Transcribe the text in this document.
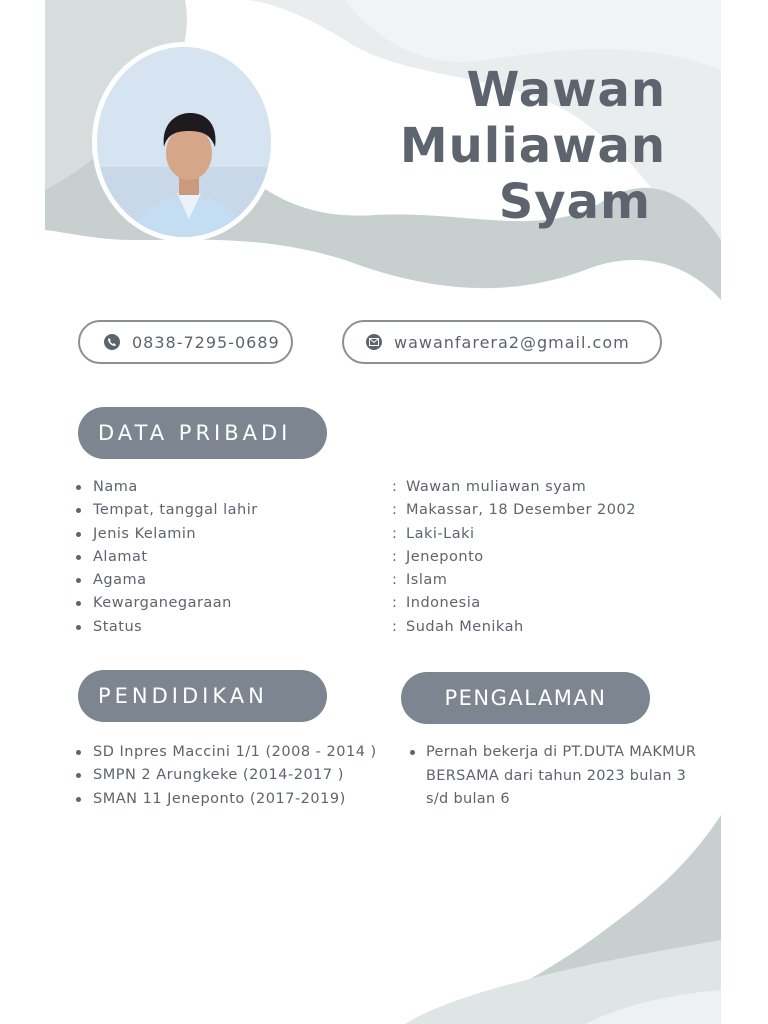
Wawan
Muliawan
Syam
0838-7295-0689	wawanfarera2@gmail.com
DATA PRIBADI
Nama
Tempat, tanggal lahir
Jenis Kelamin
Alamat
Agama
Kewarganegaraan
Status
: Wawan muliawan syam
: Makassar, 18 Desember 2002
: Laki-Laki
: Jeneponto
: Islam
: Indonesia
: Sudah Menikah
PENDIDIKAN	PENGALAMAN
SD Inpres Maccini 1/1 (2008 - 2014 )
SMPN 2 Arungkeke (2014-2017 )
SMAN 11 Jeneponto (2017-2019)
Pernah bekerja di PT.DUTA MAKMUR BERSAMA dari tahun 2023 bulan 3 s/d bulan 6
